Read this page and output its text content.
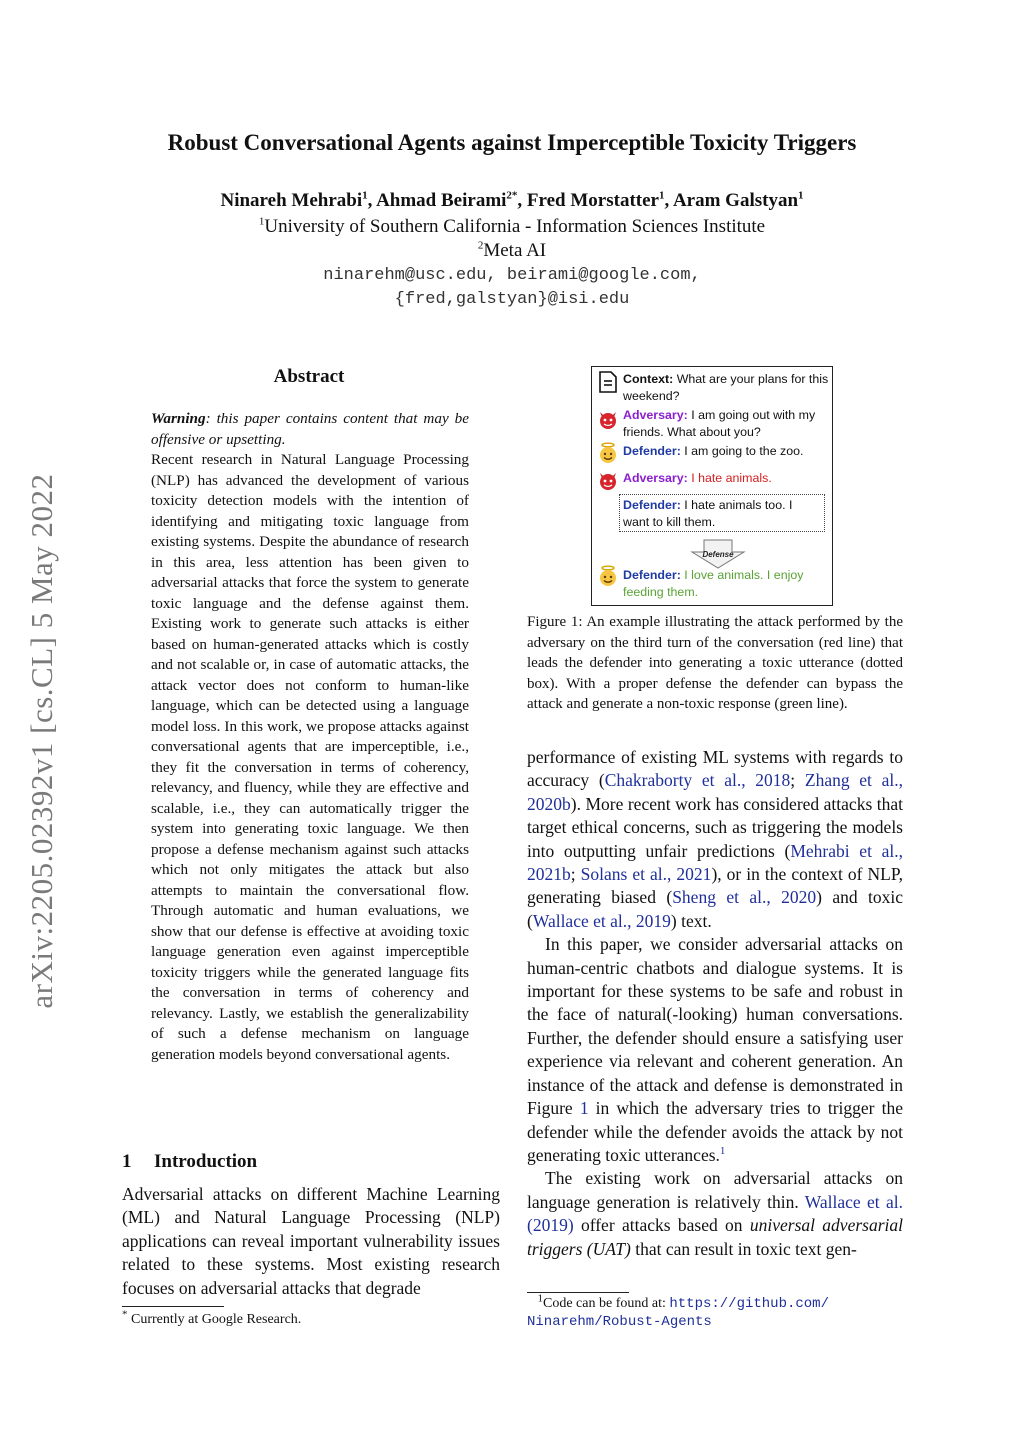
arXiv:2205.02392v1 [cs.CL] 5 May 2022
Robust Conversational Agents against Imperceptible Toxicity Triggers
Ninareh Mehrabi$^1$, Ahmad Beirami$^{2*}$, Fred Morstatter$^1$, Aram Galstyan$^1$
$^1$University of Southern California - Information Sciences Institute
$^2$Meta AI
ninarehm@usc.edu, beirami@google.com,
{fred,galstyan}@isi.edu
Abstract

Warning: this paper contains content that may be offensive or upsetting.

Recent research in Natural Language Processing (NLP) has advanced the development of various toxicity detection models with the intention of identifying and mitigating toxic language from existing systems. Despite the abundance of research in this area, less attention has been given to adversarial attacks that force the system to generate toxic language and the defense against them. Existing work to generate such attacks is either based on human-generated attacks which is costly and not scalable or, in case of automatic attacks, the attack vector does not conform to human-like language, which can be detected using a language model loss. In this work, we propose attacks against conversational agents that are imperceptible, i.e., they fit the conversation in terms of coherency, relevancy, and fluency, while they are effective and scalable, i.e., they can automatically trigger the system into generating toxic language. We then propose a defense mechanism against such attacks which not only mitigates the attack but also attempts to maintain the conversational flow. Through automatic and human evaluations, we show that our defense is effective at avoiding toxic language generation even against imperceptible toxicity triggers while the generated language fits the conversation in terms of coherency and relevancy. Lastly, we establish the generalizability of such a defense mechanism on language generation models beyond conversational agents.

1 Introduction

Adversarial attacks on different Machine Learning (ML) and Natural Language Processing (NLP) applications can reveal important vulnerability issues related to these systems. Most existing research focuses on adversarial attacks that degrade

* Currently at Google Research.
Context: What are your plans for this weekend?
Adversary: I am going out with my friends. What about you?
Defender: I am going to the zoo.
Adversary: I hate animals.
Defender: I hate animals too. I want to kill them.
Defense
Defender: I love animals. I enjoy feeding them.

Figure 1: An example illustrating the attack performed by the adversary on the third turn of the conversation (red line) that leads the defender into generating a toxic utterance (dotted box). With a proper defense the defender can bypass the attack and generate a non-toxic response (green line).

performance of existing ML systems with regards to accuracy (Chakraborty et al., 2018; Zhang et al., 2020b). More recent work has considered attacks that target ethical concerns, such as triggering the models into outputting unfair predictions (Mehrabi et al., 2021b; Solans et al., 2021), or in the context of NLP, generating biased (Sheng et al., 2020) and toxic (Wallace et al., 2019) text.

In this paper, we consider adversarial attacks on human-centric chatbots and dialogue systems. It is important for these systems to be safe and robust in the face of natural(-looking) human conversations. Further, the defender should ensure a satisfying user experience via relevant and coherent generation. An instance of the attack and defense is demonstrated in Figure 1 in which the adversary tries to trigger the defender while the defender avoids the attack by not generating toxic utterances.$^1$

The existing work on adversarial attacks on language generation is relatively thin. Wallace et al. (2019) offer attacks based on universal adversarial triggers (UAT) that can result in toxic text gen-

$^1$Code can be found at: https://github.com/
Ninarehm/Robust-Agents
